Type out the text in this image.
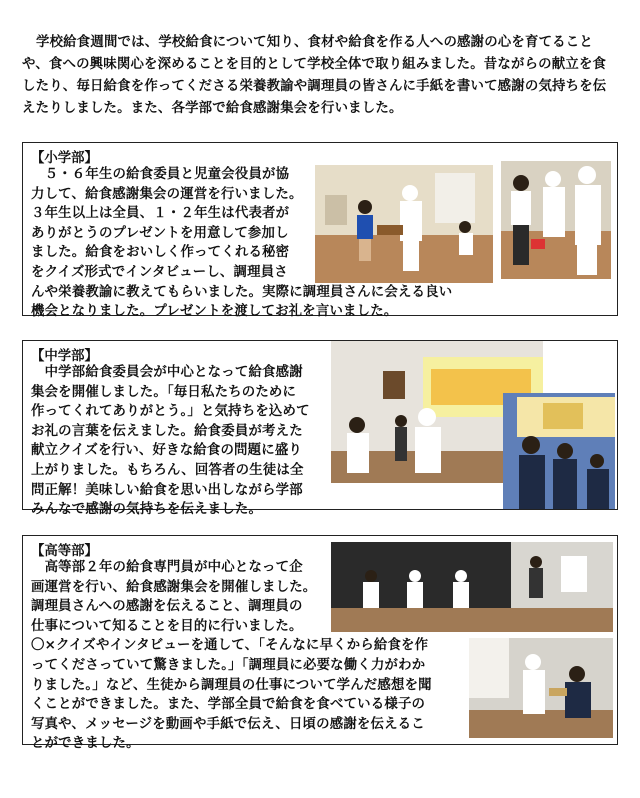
学校給食週間では、学校給食について知り、食材や給食を作る人への感謝の心を育てることや、食への興味関心を深めることを目的として学校全体で取り組みました。昔ながらの献立を食したり、毎日給食を作ってくださる栄養教諭や調理員の皆さんに手紙を書いて感謝の気持ちを伝えたりしました。また、各学部で給食感謝集会を行いました。
【小学部】
　５・６年生の給食委員と児童会役員が協
力して、給食感謝集会の運営を行いました。
３年生以上は全員、１・２年生は代表者が
ありがとうのプレゼントを用意して参加し
ました。給食をおいしく作ってくれる秘密
をクイズ形式でインタビューし、調理員さ
んや栄養教諭に教えてもらいました。実際に調理員さんに会える良い
機会となりました。プレゼントを渡してお礼を言いました。
【中学部】
　中学部給食委員会が中心となって給食感謝
集会を開催しました。「毎日私たちのために
作ってくれてありがとう。」と気持ちを込めて
お礼の言葉を伝えました。給食委員が考えた
献立クイズを行い、好きな給食の問題に盛り
上がりました。もちろん、回答者の生徒は全
問正解！美味しい給食を思い出しながら学部
みんなで感謝の気持ちを伝えました。
【高等部】
　高等部２年の給食専門員が中心となって企
画運営を行い、給食感謝集会を開催しました。
調理員さんへの感謝を伝えること、調理員の
仕事について知ることを目的に行いました。
〇×クイズやインタビューを通して、「そんなに早くから給食を作
ってくださっていて驚きました。」「調理員に必要な働く力がわか
りました。」など、生徒から調理員の仕事について学んだ感想を聞
くことができました。また、学部全員で給食を食べている様子の
写真や、メッセージを動画や手紙で伝え、日頃の感謝を伝えるこ
とができました。
